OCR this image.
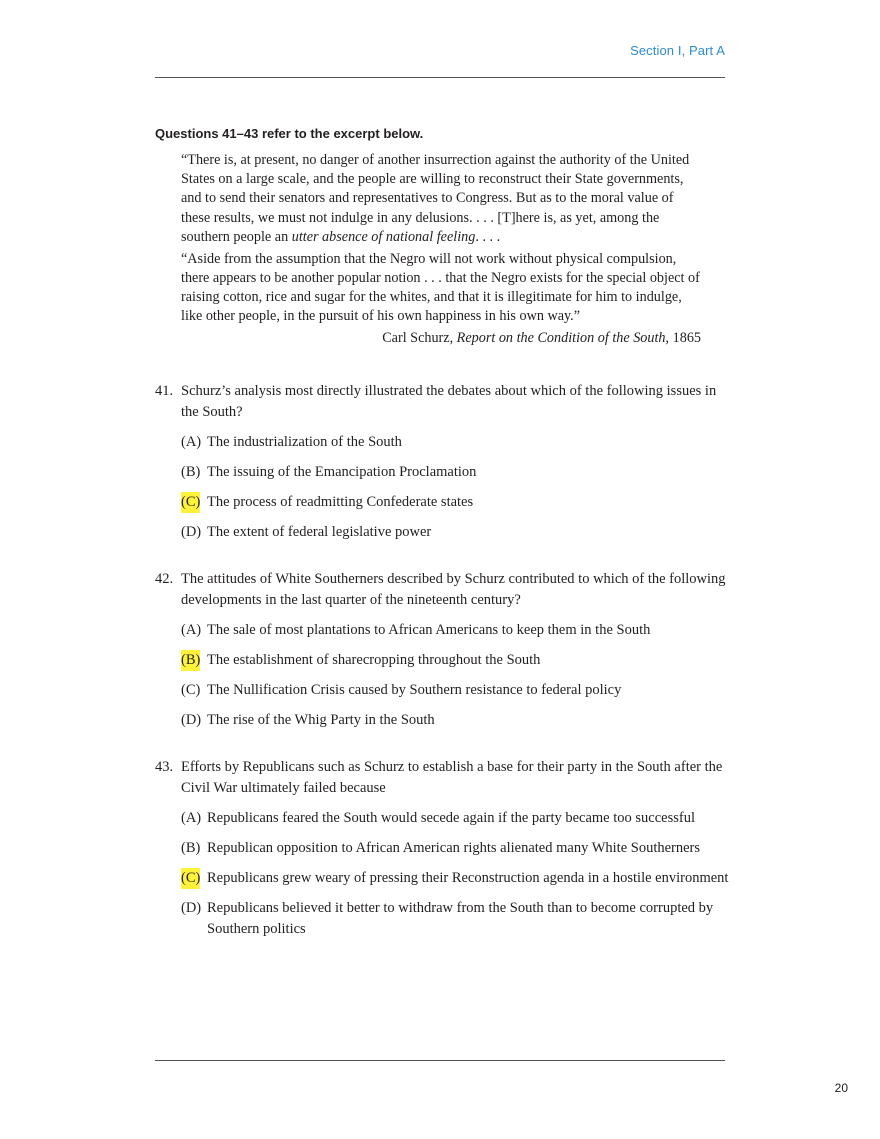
Section I, Part A
Questions 41–43 refer to the excerpt below.

“There is, at present, no danger of another insurrection against the authority of the United States on a large scale, and the people are willing to reconstruct their State governments, and to send their senators and representatives to Congress. But as to the moral value of these results, we must not indulge in any delusions. . . . [T]here is, as yet, among the southern people an utter absence of national feeling. . . .

“Aside from the assumption that the Negro will not work without physical compulsion, there appears to be another popular notion . . . that the Negro exists for the special object of raising cotton, rice and sugar for the whites, and that it is illegitimate for him to indulge, like other people, in the pursuit of his own happiness in his own way.”

Carl Schurz, Report on the Condition of the South, 1865

41. Schurz’s analysis most directly illustrated the debates about which of the following issues in the South?
(A) The industrialization of the South
(B) The issuing of the Emancipation Proclamation
(C) The process of readmitting Confederate states
(D) The extent of federal legislative power
42. The attitudes of White Southerners described by Schurz contributed to which of the following developments in the last quarter of the nineteenth century?
(A) The sale of most plantations to African Americans to keep them in the South
(B) The establishment of sharecropping throughout the South
(C) The Nullification Crisis caused by Southern resistance to federal policy
(D) The rise of the Whig Party in the South
43. Efforts by Republicans such as Schurz to establish a base for their party in the South after the Civil War ultimately failed because
(A) Republicans feared the South would secede again if the party became too successful
(B) Republican opposition to African American rights alienated many White Southerners
(C) Republicans grew weary of pressing their Reconstruction agenda in a hostile environment
(D) Republicans believed it better to withdraw from the South than to become corrupted by Southern politics
20
